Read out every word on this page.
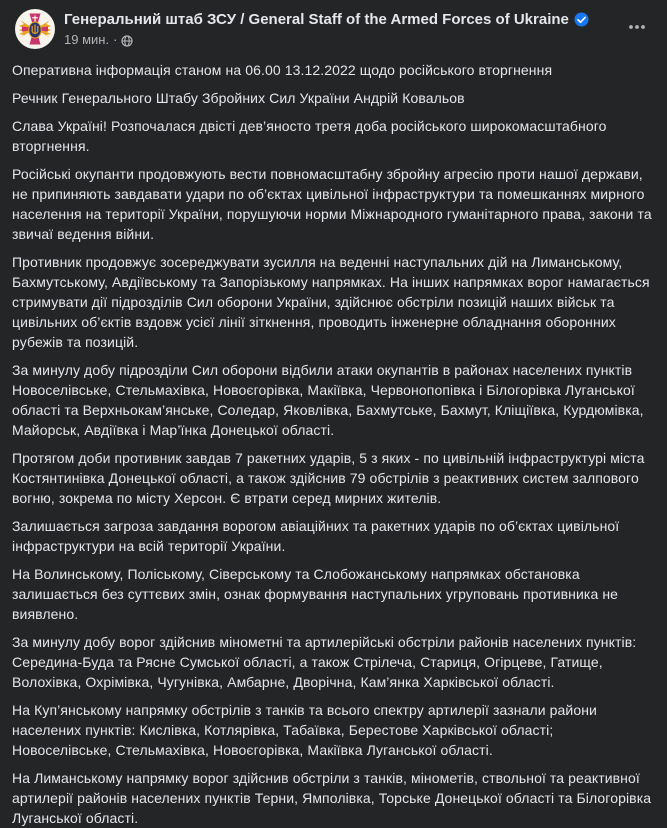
Генеральний штаб ЗСУ / General Staff of the Armed Forces of Ukraine
19 мин. ·

Оперативна інформація станом на 06.00 13.12.2022 щодо російського вторгнення

Речник Генерального Штабу Збройних Сил України Андрій Ковальов

Слава Україні! Розпочалася двісті дев’яносто третя доба російського широкомасштабного вторгнення.

Російські окупанти продовжують вести повномасштабну збройну агресію проти нашої держави, не припиняють завдавати удари по об’єктах цивільної інфраструктури та помешканнях мирного населення на території України, порушуючи норми Міжнародного гуманітарного права, закони та звичаї ведення війни.

Противник продовжує зосереджувати зусилля на веденні наступальних дій на Лиманському, Бахмутському, Авдіївському та Запорізькому напрямках. На інших напрямках ворог намагається стримувати дії підрозділів Сил оборони України, здійснює обстріли позицій наших військ та цивільних об’єктів вздовж усієї лінії зіткнення, проводить інженерне обладнання оборонних рубежів та позицій.

За минулу добу підрозділи Сил оборони відбили атаки окупантів в районах населених пунктів Новоселівське, Стельмахівка, Новоєгорівка, Макіївка, Червонопопівка і Білогорівка Луганської області та Верхньокам’янське, Соледар, Яковлівка, Бахмутське, Бахмут, Кліщіївка, Курдюмівка, Майорськ, Авдіївка і Мар’їнка Донецької області.

Протягом доби противник завдав 7 ракетних ударів, 5 з яких - по цивільній інфраструктурі міста Костянтинівка Донецької області, а також здійснив 79 обстрілів з реактивних систем залпового вогню, зокрема по місту Херсон. Є втрати серед мирних жителів.

Залишається загроза завдання ворогом авіаційних та ракетних ударів по об’єктах цивільної інфраструктури на всій території України.

На Волинському, Поліському, Сіверському та Слобожанському напрямках обстановка залишається без суттєвих змін, ознак формування наступальних угруповань противника не виявлено.

За минулу добу ворог здійснив мінометні та артилерійські обстріли районів населених пунктів: Середина-Буда та Рясне Сумської області, а також Стрілеча, Стариця, Огірцеве, Гатище, Волохівка, Охрімівка, Чугунівка, Амбарне, Дворічна, Кам’янка Харківської області.

На Куп’янському напрямку обстрілів з танків та всього спектру артилерії зазнали райони населених пунктів: Кислівка, Котлярівка, Табаївка, Берестове Харківської області; Новоселівське, Стельмахівка, Новоєгорівка, Макіївка Луганської області.

На Лиманському напрямку ворог здійснив обстріли з танків, мінометів, ствольної та реактивної артилерії районів населених пунктів Терни, Ямполівка, Торське Донецької області та Білогорівка Луганської області.
